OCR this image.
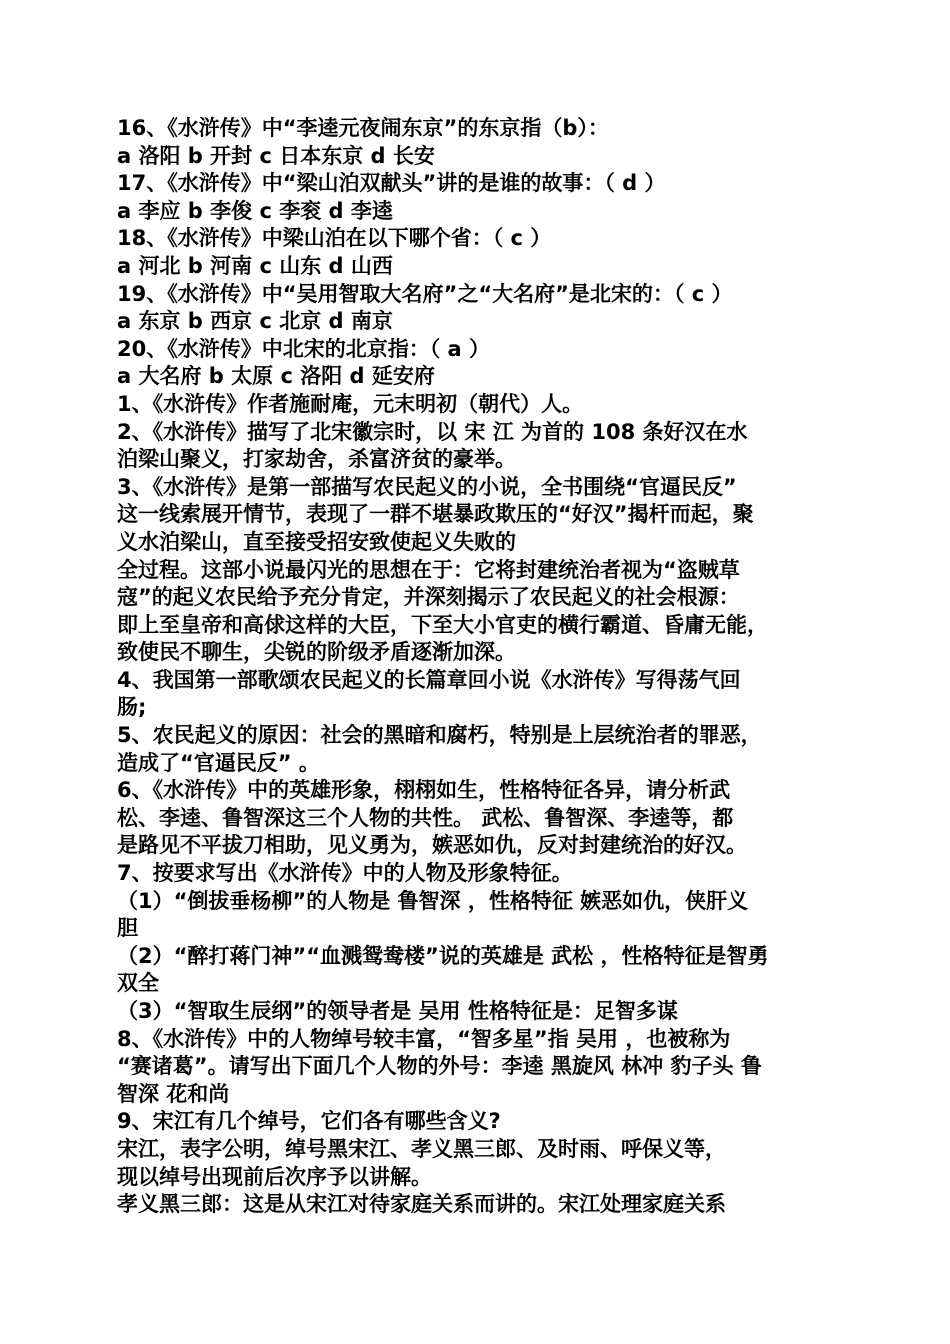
16、《水浒传》中“李逵元夜闹东京”的东京指（b）：
a 洛阳 b 开封 c 日本东京 d 长安
17、《水浒传》中“梁山泊双献头”讲的是谁的故事：（ d ）
a 李应 b 李俊 c 李衮 d 李逵
18、《水浒传》中梁山泊在以下哪个省：（ c ）
a 河北 b 河南 c 山东 d 山西
19、《水浒传》中“吴用智取大名府”之“大名府”是北宋的：（ c ）
a 东京 b 西京 c 北京 d 南京
20、《水浒传》中北宋的北京指：（ a ）
a 大名府 b 太原 c 洛阳 d 延安府
1、《水浒传》作者施耐庵，元末明初（朝代）人。
2、《水浒传》描写了北宋徽宗时，以 宋 江 为首的 108 条好汉在水
泊梁山聚义，打家劫舍，杀富济贫的豪举。
3、《水浒传》是第一部描写农民起义的小说，全书围绕“官逼民反”
这一线索展开情节，表现了一群不堪暴政欺压的“好汉”揭杆而起，聚
义水泊梁山，直至接受招安致使起义失败的
全过程。这部小说最闪光的思想在于：它将封建统治者视为“盗贼草
寇”的起义农民给予充分肯定，并深刻揭示了农民起义的社会根源：
即上至皇帝和高俅这样的大臣，下至大小官吏的横行霸道、昏庸无能，
致使民不聊生，尖锐的阶级矛盾逐渐加深。
4、我国第一部歌颂农民起义的长篇章回小说《水浒传》写得荡气回
肠;
5、农民起义的原因：社会的黑暗和腐朽，特别是上层统治者的罪恶，
造成了“官逼民反” 。
6、《水浒传》中的英雄形象，栩栩如生，性格特征各异，请分析武
松、李逵、鲁智深这三个人物的共性。 武松、鲁智深、李逵等，都
是路见不平拔刀相助，见义勇为，嫉恶如仇，反对封建统治的好汉。
7、按要求写出《水浒传》中的人物及形象特征。
（1）“倒拔垂杨柳”的人物是 鲁智深 ，性格特征 嫉恶如仇，侠肝义
胆
（2）“醉打蒋门神”“血溅鸳鸯楼”说的英雄是 武松 ，性格特征是智勇
双全
（3）“智取生辰纲”的领导者是 吴用 性格特征是：足智多谋
8、《水浒传》中的人物绰号较丰富，“智多星”指 吴用 ，也被称为
“赛诸葛”。请写出下面几个人物的外号：李逵 黑旋风 林冲 豹子头 鲁
智深 花和尚
9、宋江有几个绰号，它们各有哪些含义?
宋江，表字公明，绰号黑宋江、孝义黑三郎、及时雨、呼保义等，
现以绰号出现前后次序予以讲解。
孝义黑三郎：这是从宋江对待家庭关系而讲的。宋江处理家庭关系
